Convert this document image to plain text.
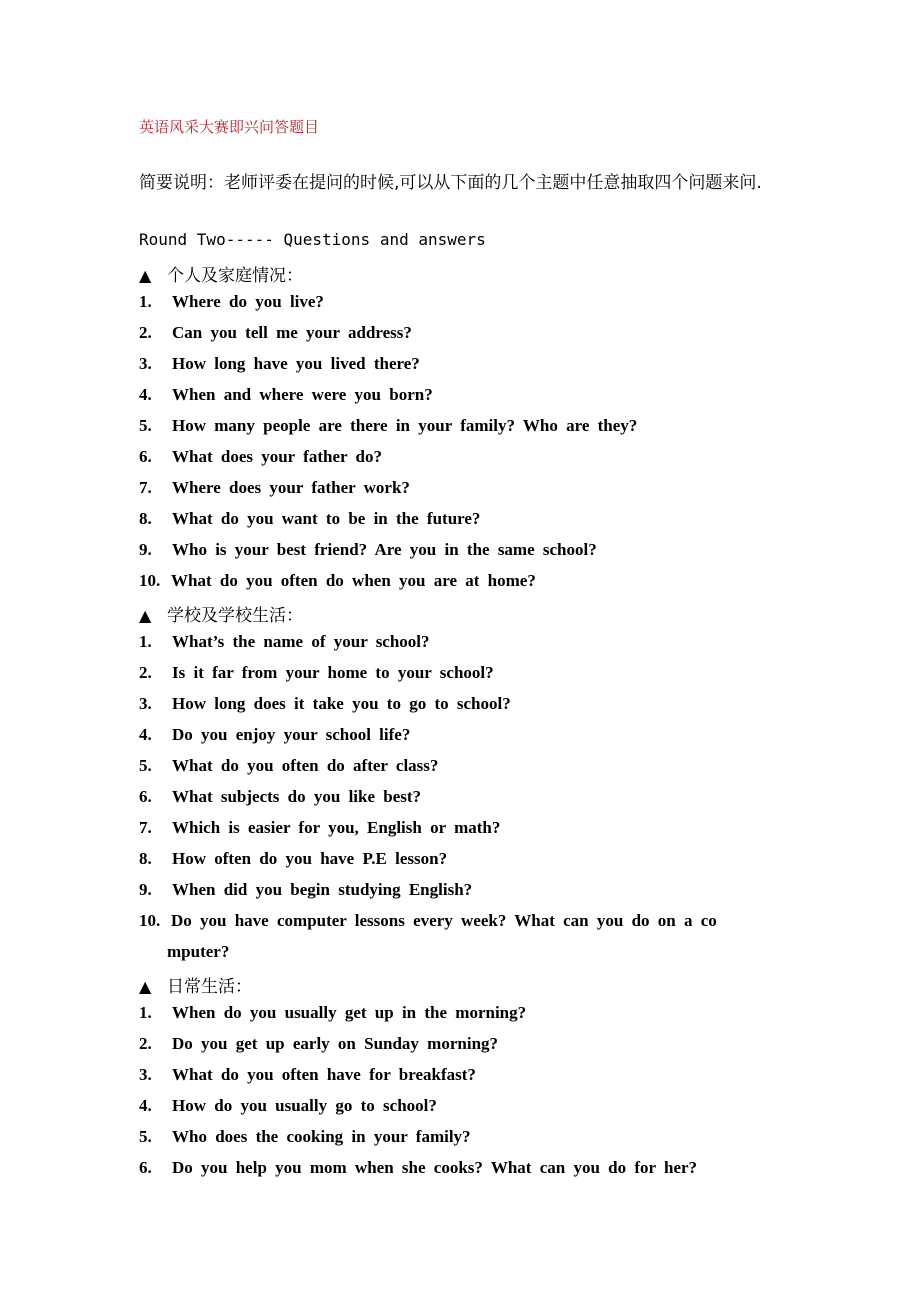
英语风采大赛即兴问答题目
简要说明：老师评委在提问的时候,可以从下面的几个主题中任意抽取四个问题来问.
Round Two----- Questions and answers
▲ 个人及家庭情况：
1. Where do you live?
2. Can you tell me your address?
3. How long have you lived there?
4. When and where were you born?
5. How many people are there in your family? Who are they?
6. What does your father do?
7. Where does your father work?
8. What do you want to be in the future?
9. Who is your best friend? Are you in the same school?
10. What do you often do when you are at home?
▲ 学校及学校生活：
1. What’s the name of your school?
2. Is it far from your home to your school?
3. How long does it take you to go to school?
4. Do you enjoy your school life?
5. What do you often do after class?
6. What subjects do you like best?
7. Which is easier for you, English or math?
8. How often do you have P.E lesson?
9. When did you begin studying English?
10. Do you have computer lessons every week? What can you do on a co
mputer?
▲ 日常生活：
1. When do you usually get up in the morning?
2. Do you get up early on Sunday morning?
3. What do you often have for breakfast?
4. How do you usually go to school?
5. Who does the cooking in your family?
6. Do you help you mom when she cooks? What can you do for her?
